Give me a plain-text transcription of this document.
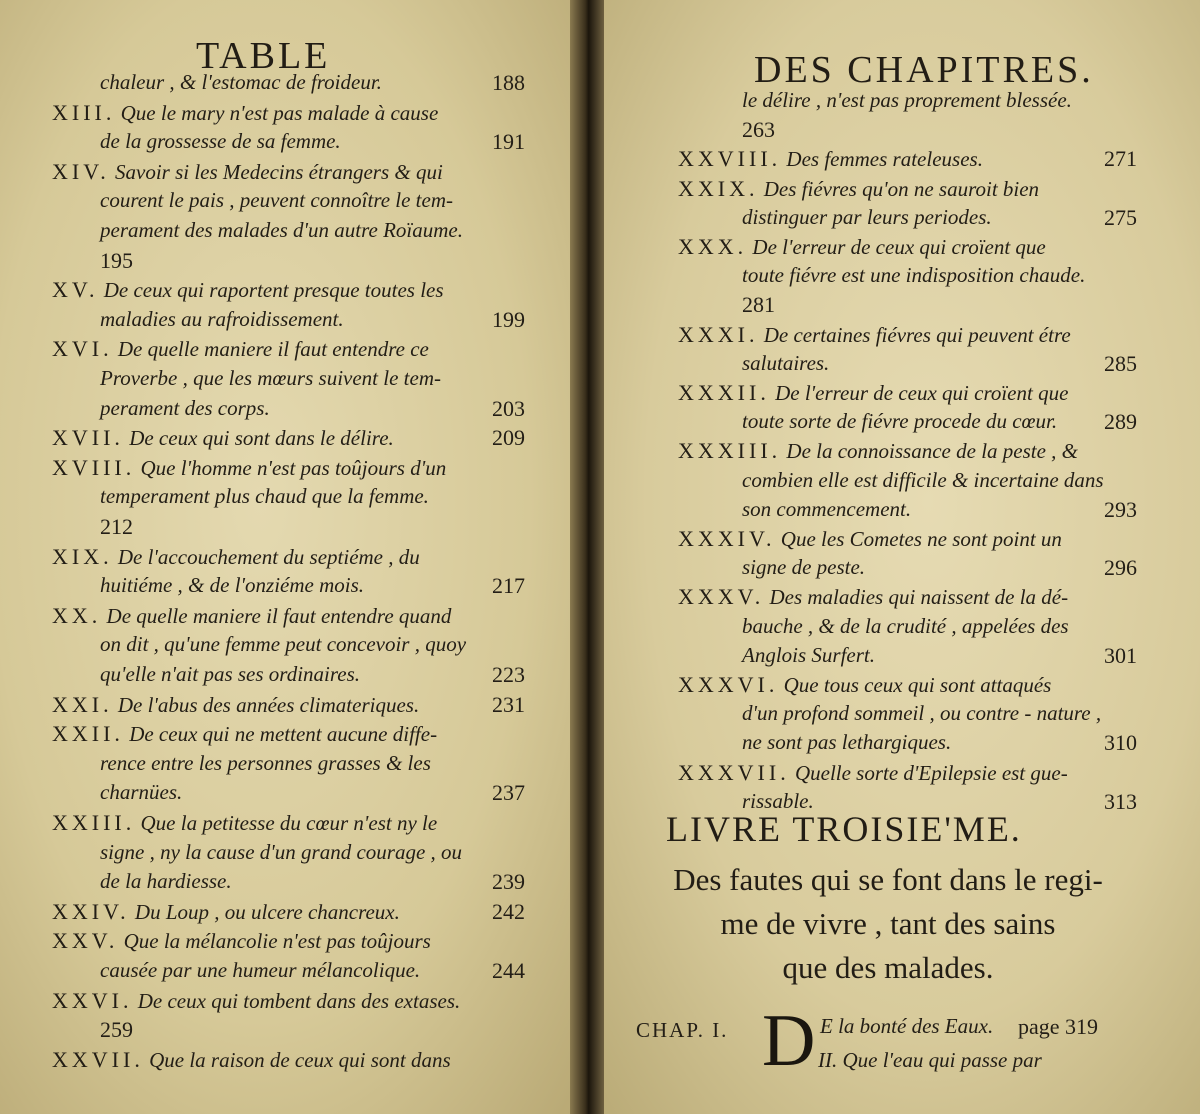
TABLE
chaleur , & l'estomac de froideur.	188
XIII. Que le mary n'est pas malade à cause
de la grossesse de sa femme.	191
XIV. Savoir si les Medecins étrangers & qui
courent le pais , peuvent connoître le tem-
perament des malades d'un autre Roïaume.
195
XV. De ceux qui raportent presque toutes les
maladies au rafroidissement.	199
XVI. De quelle maniere il faut entendre ce
Proverbe , que les mœurs suivent le tem-
perament des corps.	203
XVII. De ceux qui sont dans le délire.	209
XVIII. Que l'homme n'est pas toûjours d'un
temperament plus chaud que la femme.
212
XIX. De l'accouchement du septiéme , du
huitiéme , & de l'onziéme mois.	217
XX. De quelle maniere il faut entendre quand
on dit , qu'une femme peut concevoir , quoy
qu'elle n'ait pas ses ordinaires.	223
XXI. De l'abus des années climateriques.	231
XXII. De ceux qui ne mettent aucune diffe-
rence entre les personnes grasses & les
charnües.	237
XXIII. Que la petitesse du cœur n'est ny le
signe , ny la cause d'un grand courage , ou
de la hardiesse.	239
XXIV. Du Loup , ou ulcere chancreux.	242
XXV. Que la mélancolie n'est pas toûjours
causée par une humeur mélancolique.	244
XXVI. De ceux qui tombent dans des extases.
259
XXVII. Que la raison de ceux qui sont dans
DES CHAPITRES.
le délire , n'est pas proprement blessée.
263
XXVIII. Des femmes rateleuses.	271
XXIX. Des fiévres qu'on ne sauroit bien
distinguer par leurs periodes.	275
XXX. De l'erreur de ceux qui croïent que
toute fiévre est une indisposition chaude.
281
XXXI. De certaines fiévres qui peuvent étre
salutaires.	285
XXXII. De l'erreur de ceux qui croïent que
toute sorte de fiévre procede du cœur. 289
XXXIII. De la connoissance de la peste , &
combien elle est difficile & incertaine dans
son commencement.	293
XXXIV. Que les Cometes ne sont point un
signe de peste.	296
XXXV. Des maladies qui naissent de la dé-
bauche , & de la crudité , appelées des
Anglois Surfert.	301
XXXVI. Que tous ceux qui sont attaqués
d'un profond sommeil , ou contre - nature ,
ne sont pas lethargiques.	310
XXXVII. Quelle sorte d'Epilepsie est gue-
rissable.	313
LIVRE TROISIE'ME.
Des fautes qui se font dans le regi-
me de vivre , tant des sains
que des malades.
CHAP. I. D E la bonté des Eaux. page 319
II. Que l'eau qui passe par
